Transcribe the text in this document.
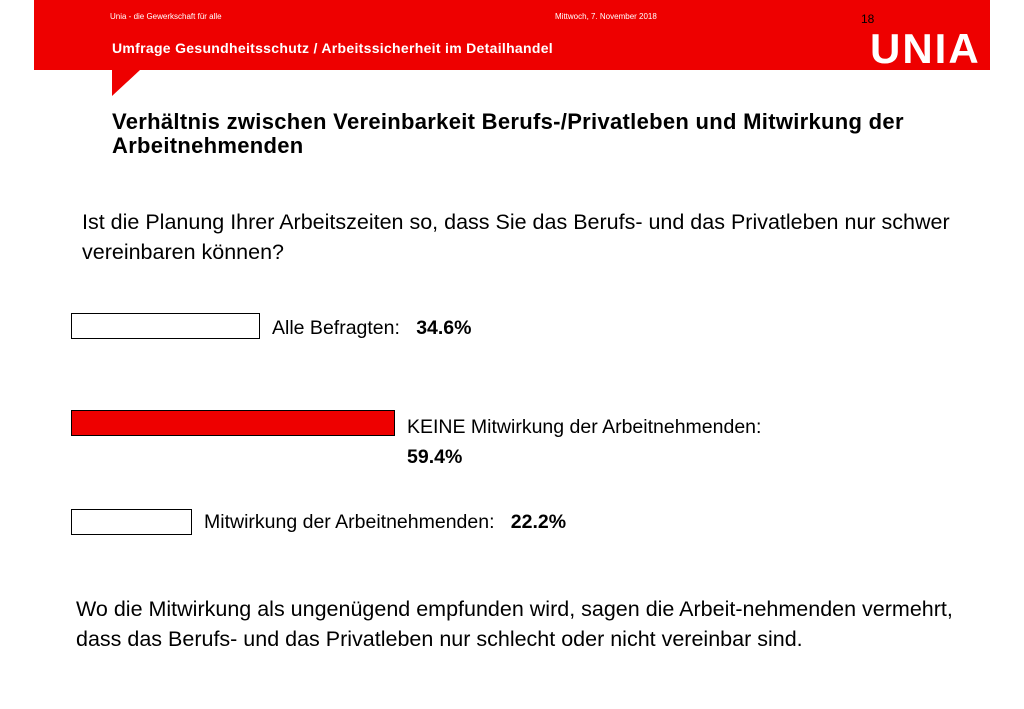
Unia - die Gewerkschaft für alle	Mittwoch, 7. November 2018	18
Umfrage Gesundheitsschutz / Arbeitssicherheit im Detailhandel	UNIA
Verhältnis zwischen Vereinbarkeit Berufs-/Privatleben und Mitwirkung der Arbeitnehmenden
Ist die Planung Ihrer Arbeitszeiten so, dass Sie das Berufs- und das Privatleben nur schwer vereinbaren können?
Alle Befragten: 34.6%
KEINE Mitwirkung der Arbeitnehmenden:
59.4%
Mitwirkung der Arbeitnehmenden: 22.2%
Wo die Mitwirkung als ungenügend empfunden wird, sagen die Arbeit-nehmenden vermehrt, dass das Berufs- und das Privatleben nur schlecht oder nicht vereinbar sind.
